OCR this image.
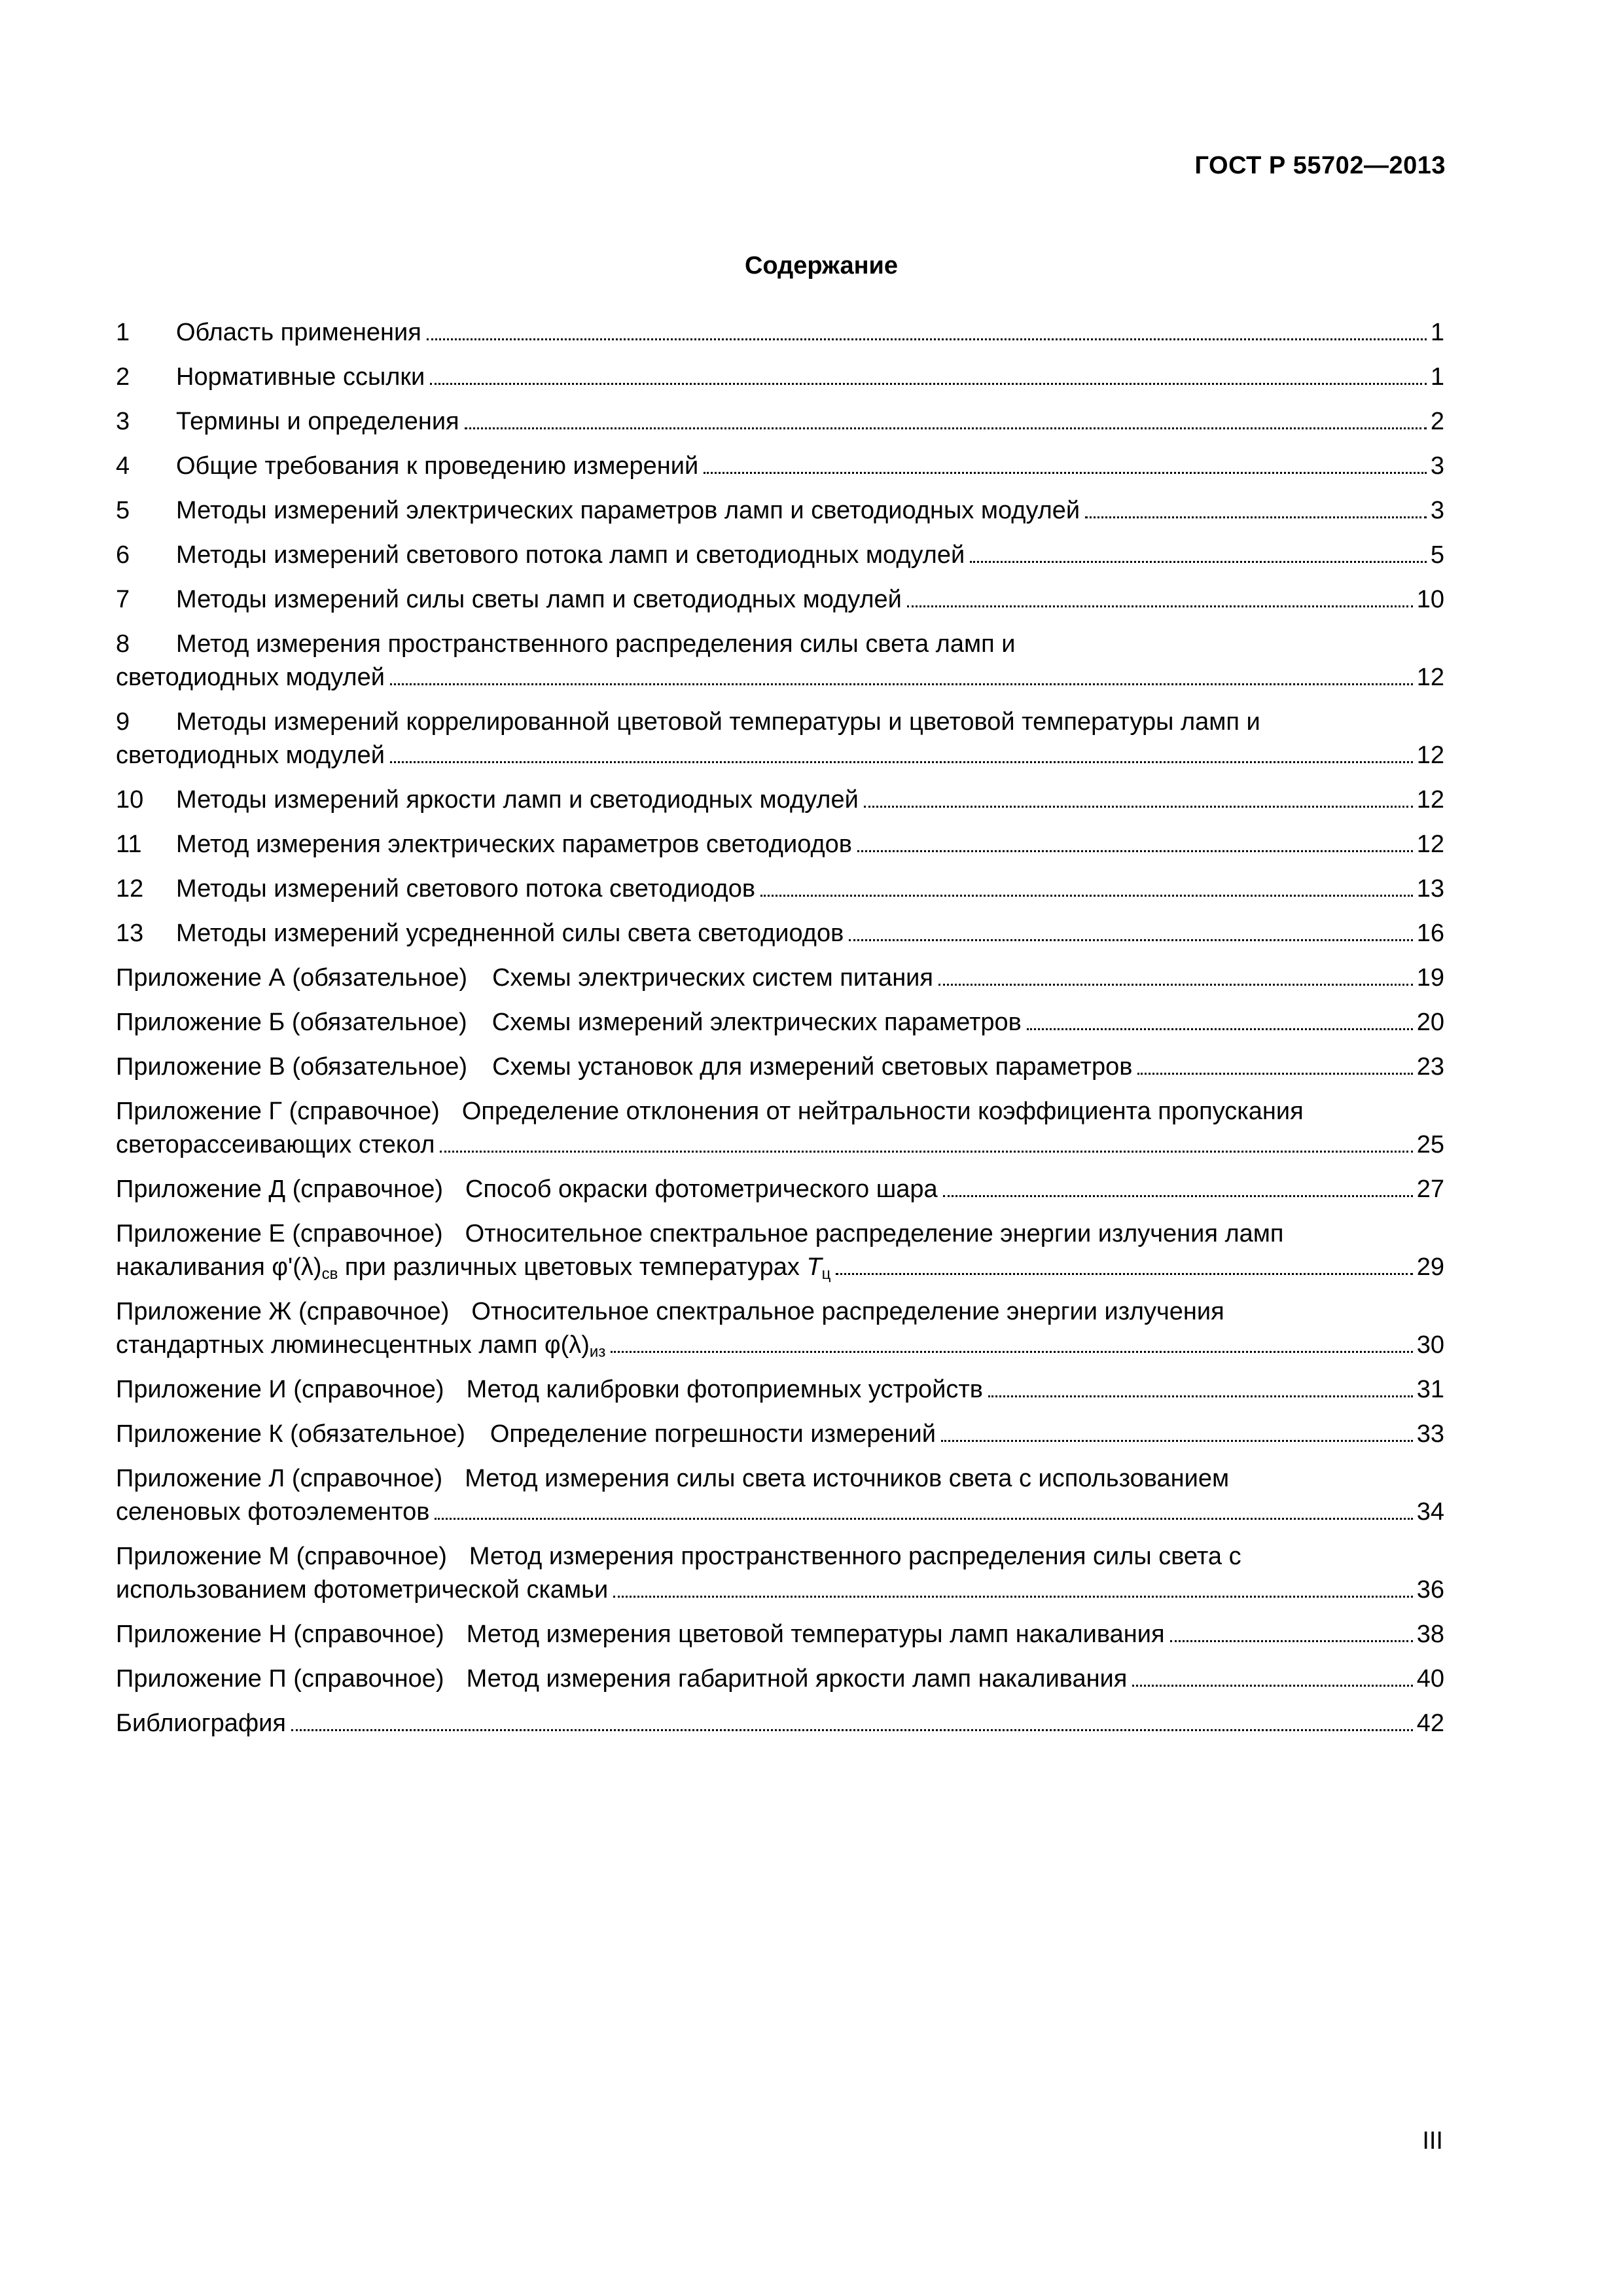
ГОСТ Р 55702—2013
Содержание
1	Область применения	1
2	Нормативные ссылки	1
3	Термины и определения	2
4	Общие требования к проведению измерений	3
5	Методы измерений электрических параметров ламп и светодиодных модулей	3
6	Методы измерений светового потока ламп и светодиодных модулей	5
7	Методы измерений силы светы ламп и светодиодных модулей	10
8	Метод измерения пространственного распределения силы света ламп и
светодиодных модулей	12
9	Методы измерений коррелированной цветовой температуры и цветовой температуры ламп и
светодиодных модулей	12
10	Методы измерений яркости ламп и светодиодных модулей	12
11	Метод измерения электрических параметров светодиодов	12
12	Методы измерений светового потока светодиодов	13
13	Методы измерений усредненной силы света светодиодов	16
Приложение А (обязательное) Схемы электрических систем питания	19
Приложение Б (обязательное) Схемы измерений электрических параметров	20
Приложение В (обязательное) Схемы установок для измерений световых параметров	23
Приложение Г (справочное) Определение отклонения от нейтральности коэффициента пропускания
светорассеивающих стекол	25
Приложение Д (справочное) Способ окраски фотометрического шара	27
Приложение Е (справочное) Относительное спектральное распределение энергии излучения ламп
накаливания $\varphi'(\lambda)_{св}$ при различных цветовых температурах $T_ц$	29
Приложение Ж (справочное) Относительное спектральное распределение энергии излучения
стандартных люминесцентных ламп $\varphi(\lambda)_{из}$	30
Приложение И (справочное) Метод калибровки фотоприемных устройств	31
Приложение К (обязательное) Определение погрешности измерений	33
Приложение Л (справочное) Метод измерения силы света источников света с использованием
селеновых фотоэлементов	34
Приложение М (справочное) Метод измерения пространственного распределения силы света с
использованием фотометрической скамьи	36
Приложение Н (справочное) Метод измерения цветовой температуры ламп накаливания	38
Приложение П (справочное) Метод измерения габаритной яркости ламп накаливания	40
Библиография	42
III
